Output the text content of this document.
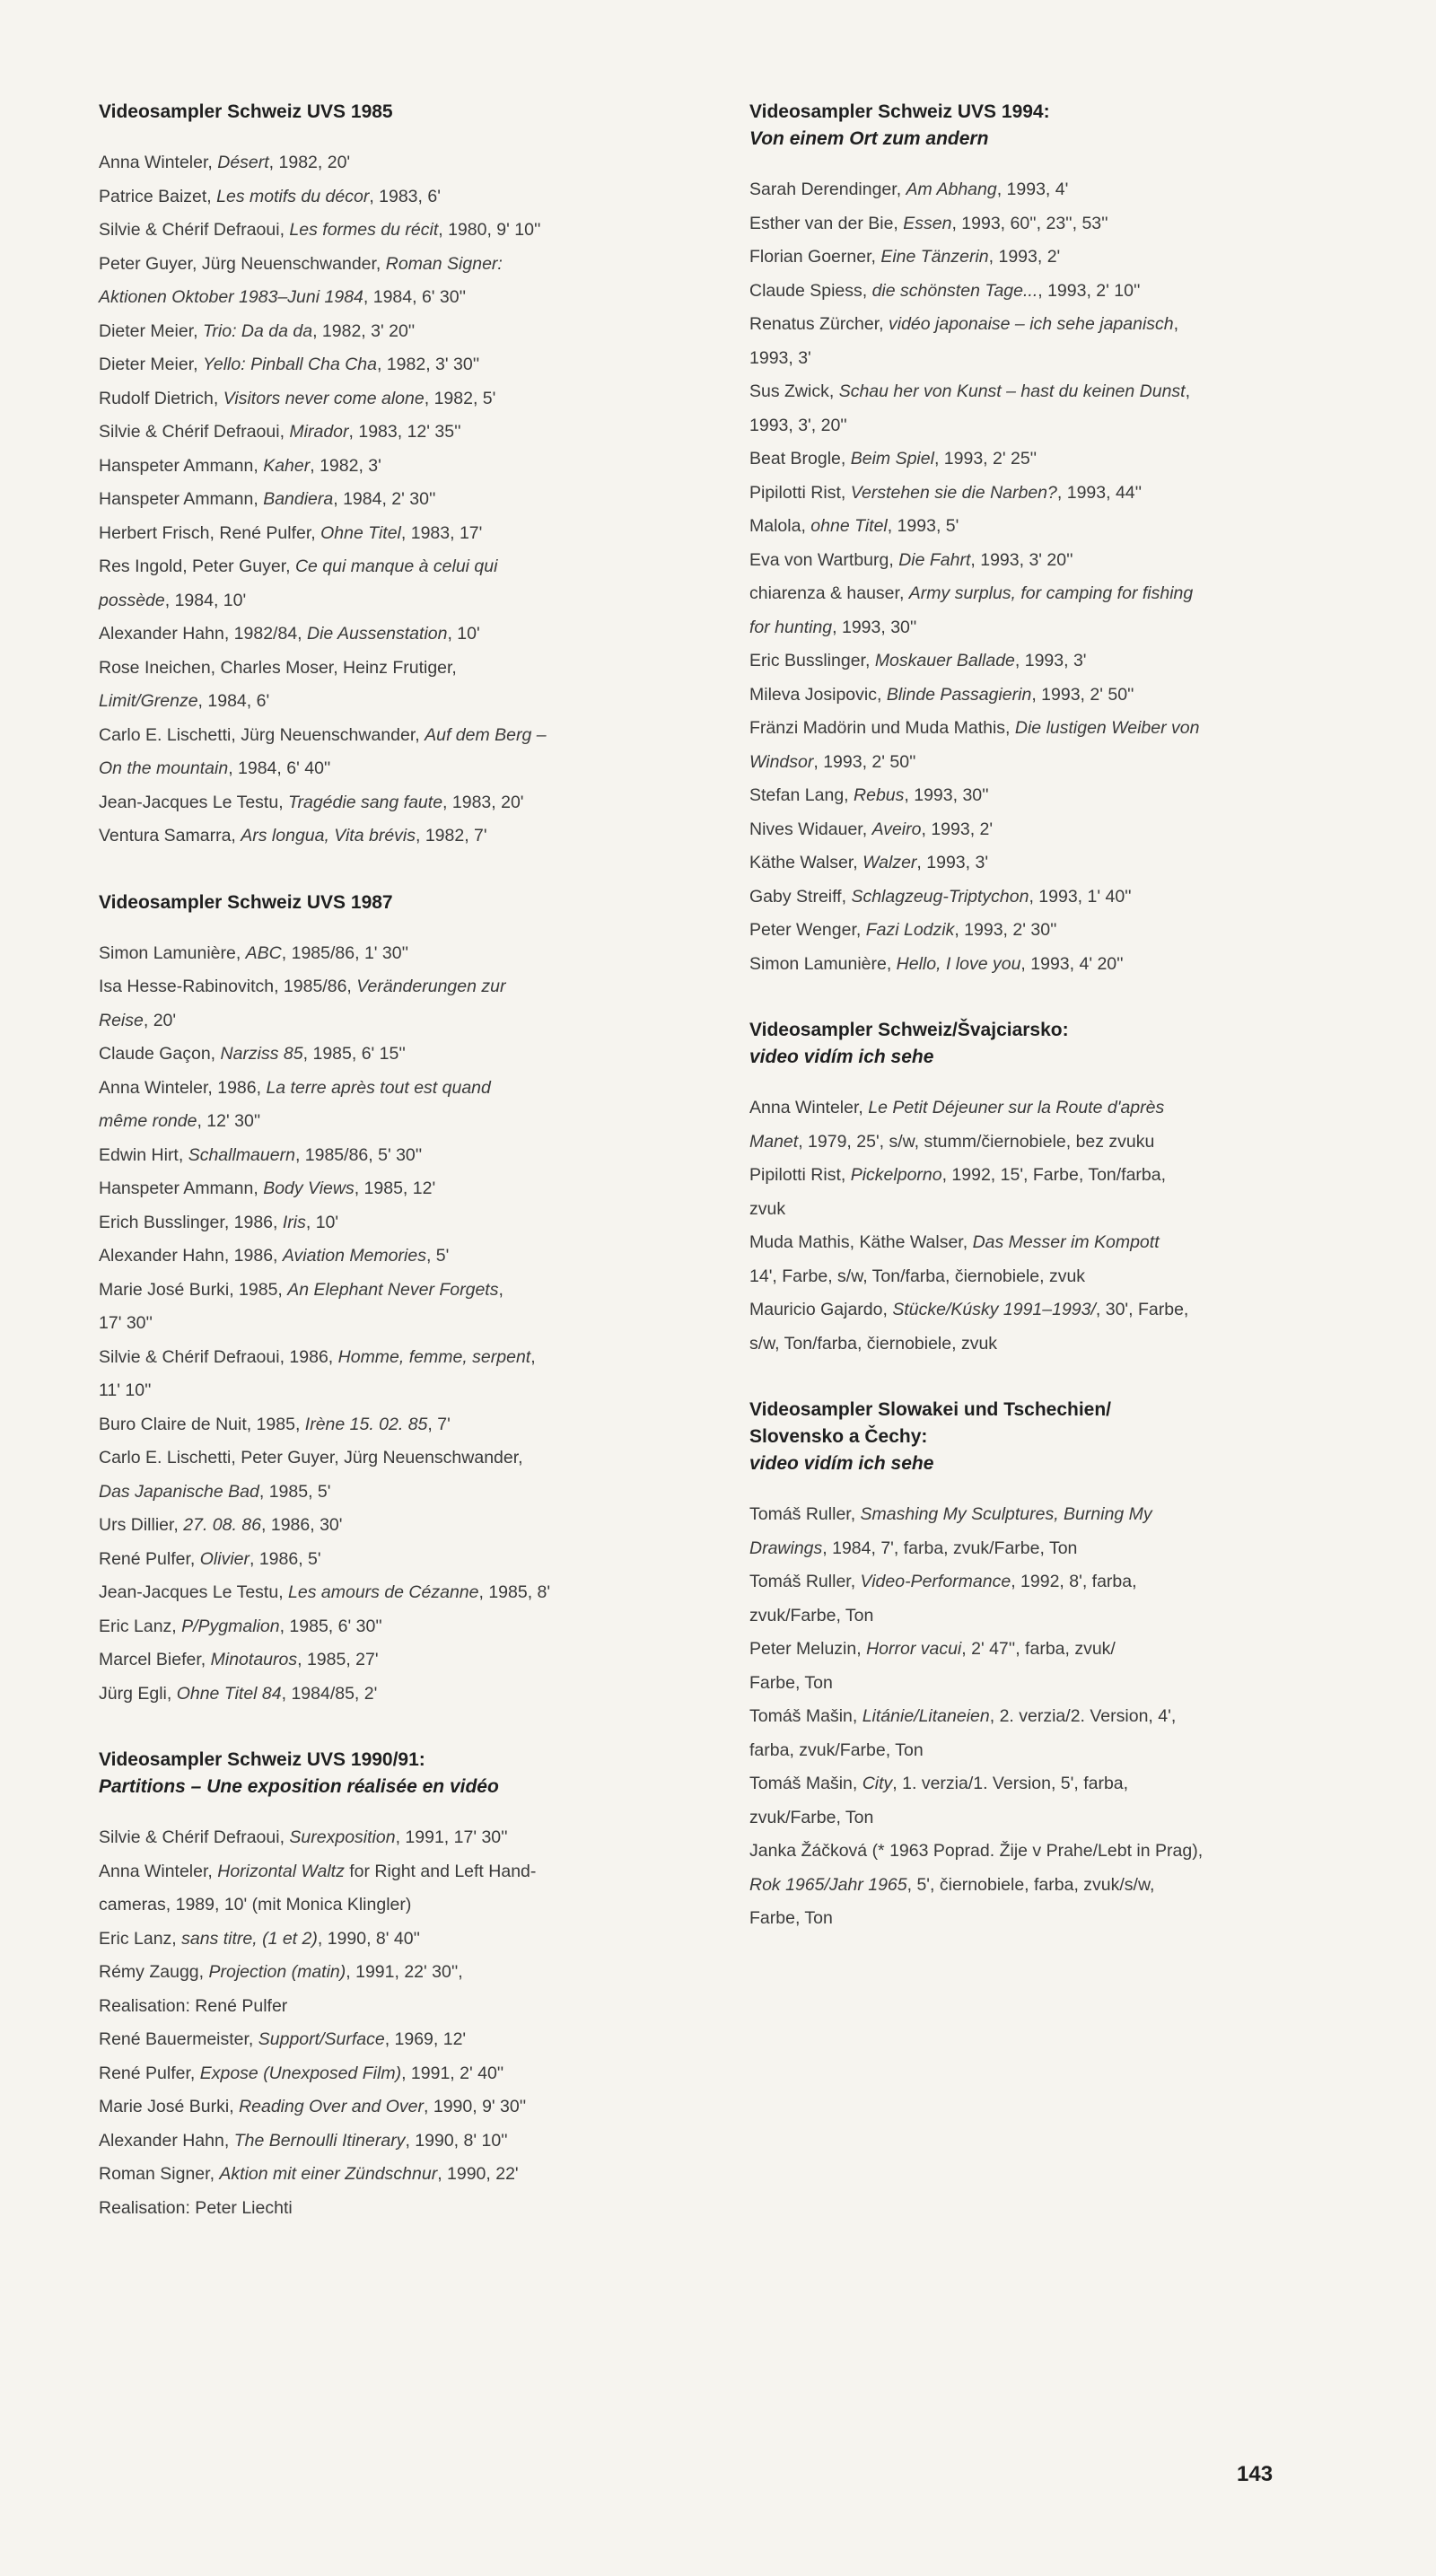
Videosampler Schweiz UVS 1985
Anna Winteler, Désert, 1982, 20'
Patrice Baizet, Les motifs du décor, 1983, 6'
Silvie & Chérif Defraoui, Les formes du récit, 1980, 9' 10''
Peter Guyer, Jürg Neuenschwander, Roman Signer:
Aktionen Oktober 1983–Juni 1984, 1984, 6' 30''
Dieter Meier, Trio: Da da da, 1982, 3' 20''
Dieter Meier, Yello: Pinball Cha Cha, 1982, 3' 30''
Rudolf Dietrich, Visitors never come alone, 1982, 5'
Silvie & Chérif Defraoui, Mirador, 1983, 12' 35''
Hanspeter Ammann, Kaher, 1982, 3'
Hanspeter Ammann, Bandiera, 1984, 2' 30''
Herbert Frisch, René Pulfer, Ohne Titel, 1983, 17'
Res Ingold, Peter Guyer, Ce qui manque à celui qui
possède, 1984, 10'
Alexander Hahn, 1982/84, Die Aussenstation, 10'
Rose Ineichen, Charles Moser, Heinz Frutiger,
Limit/Grenze, 1984, 6'
Carlo E. Lischetti, Jürg Neuenschwander, Auf dem Berg –
On the mountain, 1984, 6' 40''
Jean-Jacques Le Testu, Tragédie sang faute, 1983, 20'
Ventura Samarra, Ars longua, Vita brévis, 1982, 7'
Videosampler Schweiz UVS 1987
Simon Lamunière, ABC, 1985/86, 1' 30''
Isa Hesse-Rabinovitch, 1985/86, Veränderungen zur
Reise, 20'
Claude Gaçon, Narziss 85, 1985, 6' 15''
Anna Winteler, 1986, La terre après tout est quand
même ronde, 12' 30''
Edwin Hirt, Schallmauern, 1985/86, 5' 30''
Hanspeter Ammann, Body Views, 1985, 12'
Erich Busslinger, 1986, Iris, 10'
Alexander Hahn, 1986, Aviation Memories, 5'
Marie José Burki, 1985, An Elephant Never Forgets,
17' 30''
Silvie & Chérif Defraoui, 1986, Homme, femme, serpent,
11' 10''
Buro Claire de Nuit, 1985, Irène 15. 02. 85, 7'
Carlo E. Lischetti, Peter Guyer, Jürg Neuenschwander,
Das Japanische Bad, 1985, 5'
Urs Dillier, 27. 08. 86, 1986, 30'
René Pulfer, Olivier, 1986, 5'
Jean-Jacques Le Testu, Les amours de Cézanne, 1985, 8'
Eric Lanz, P/Pygmalion, 1985, 6' 30''
Marcel Biefer, Minotauros, 1985, 27'
Jürg Egli, Ohne Titel 84, 1984/85, 2'
Videosampler Schweiz UVS 1990/91:
Partitions – Une exposition réalisée en vidéo
Silvie & Chérif Defraoui, Surexposition, 1991, 17' 30''
Anna Winteler, Horizontal Waltz for Right and Left Hand-
cameras, 1989, 10' (mit Monica Klingler)
Eric Lanz, sans titre, (1 et 2), 1990, 8' 40''
Rémy Zaugg, Projection (matin), 1991, 22' 30'',
Realisation: René Pulfer
René Bauermeister, Support/Surface, 1969, 12'
René Pulfer, Expose (Unexposed Film), 1991, 2' 40''
Marie José Burki, Reading Over and Over, 1990, 9' 30''
Alexander Hahn, The Bernoulli Itinerary, 1990, 8' 10''
Roman Signer, Aktion mit einer Zündschnur, 1990, 22'
Realisation: Peter Liechti
Videosampler Schweiz UVS 1994:
Von einem Ort zum andern
Sarah Derendinger, Am Abhang, 1993, 4'
Esther van der Bie, Essen, 1993, 60'', 23'', 53''
Florian Goerner, Eine Tänzerin, 1993, 2'
Claude Spiess, die schönsten Tage..., 1993, 2' 10''
Renatus Zürcher, vidéo japonaise – ich sehe japanisch,
1993, 3'
Sus Zwick, Schau her von Kunst – hast du keinen Dunst,
1993, 3', 20''
Beat Brogle, Beim Spiel, 1993, 2' 25''
Pipilotti Rist, Verstehen sie die Narben?, 1993, 44''
Malola, ohne Titel, 1993, 5'
Eva von Wartburg, Die Fahrt, 1993, 3' 20''
chiarenza & hauser, Army surplus, for camping for fishing
for hunting, 1993, 30''
Eric Busslinger, Moskauer Ballade, 1993, 3'
Mileva Josipovic, Blinde Passagierin, 1993, 2' 50''
Fränzi Madörin und Muda Mathis, Die lustigen Weiber von
Windsor, 1993, 2' 50''
Stefan Lang, Rebus, 1993, 30''
Nives Widauer, Aveiro, 1993, 2'
Käthe Walser, Walzer, 1993, 3'
Gaby Streiff, Schlagzeug-Triptychon, 1993, 1' 40''
Peter Wenger, Fazi Lodzik, 1993, 2' 30''
Simon Lamunière, Hello, I love you, 1993, 4' 20''
Videosampler Schweiz/Švajciarsko:
video vidím ich sehe
Anna Winteler, Le Petit Déjeuner sur la Route d'après
Manet, 1979, 25', s/w, stumm/čiernobiele, bez zvuku
Pipilotti Rist, Pickelporno, 1992, 15', Farbe, Ton/farba,
zvuk
Muda Mathis, Käthe Walser, Das Messer im Kompott
14', Farbe, s/w, Ton/farba, čiernobiele, zvuk
Mauricio Gajardo, Stücke/Kúsky 1991–1993/, 30', Farbe,
s/w, Ton/farba, čiernobiele, zvuk
Videosampler Slowakei und Tschechien/
Slovensko a Čechy:
video vidím ich sehe
Tomáš Ruller, Smashing My Sculptures, Burning My
Drawings, 1984, 7', farba, zvuk/Farbe, Ton
Tomáš Ruller, Video-Performance, 1992, 8', farba,
zvuk/Farbe, Ton
Peter Meluzin, Horror vacui, 2' 47'', farba, zvuk/
Farbe, Ton
Tomáš Mašin, Litánie/Litaneien, 2. verzia/2. Version, 4',
farba, zvuk/Farbe, Ton
Tomáš Mašin, City, 1. verzia/1. Version, 5', farba,
zvuk/Farbe, Ton
Janka Žáčková (* 1963 Poprad. Žije v Prahe/Lebt in Prag),
Rok 1965/Jahr 1965, 5', čiernobiele, farba, zvuk/s/w,
Farbe, Ton
143
